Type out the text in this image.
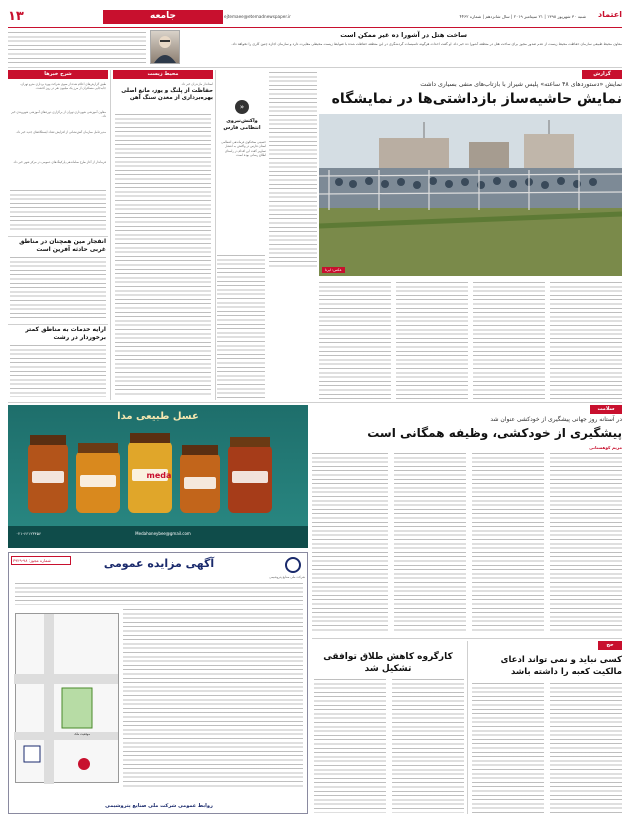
۱۳	جامعه	ejtemaee@etemadnewspaper.ir	شنبه ۳۰ شهریور ۱۳۹۸ | ۲۱ سپتامبر ۲۰۱۹ | سال شانزدهم | شماره ۴۴۶۲	اعتماد
ساخت هتل در آشورا ده غیر ممکن است
معاون محیط طبیعی سازمان حفاظت محیط زیست از عدم صدور مجوز برای ساخت هتل در منطقه آشورا ده خبر داد. او گفت احداث هرگونه تاسیسات گردشگری در این منطقه حفاظت شده با ضوابط زیست محیطی مغایرت دارد و سازمان اجازه چنین کاری را نخواهد داد.
شرح خبرها
طبق گزارش‌های اعلام شده از سوی شرکت بهره برداری مترو تهران، جابه‌جایی مسافران از مرز یک میلیون نفر در روز گذشت.
معاون آموزشی شهرداری تهران از برگزاری دوره‌های آموزشی شهروندی خبر داد.
مدیرعامل سازمان آتش‌نشانی از افزایش تعداد ایستگاه‌های جدید خبر داد.
فرماندار از آغاز طرح ساماندهی پارکینگ‌های عمومی در مرکز شهر خبر داد.
انفجار مین همچنان در مناطق غربی حادثه آفرین است
ارایه خدمات به مناطق کمتر برخوردار در رشت
محیط زیست
استاندار مازندران خبر داد
حفاظت از پلنگ و یوز، مانع اصلی بهره‌برداری از معدن سنگ آهن
«
واکنش‌نیروی انتظامی فارس
حسینی سخنگوی فرماندهی انتظامی استان فارس در واکنش به انتشار تصاویر گفت این اقدام در راستای اطلاع رسانی بوده است.
گزارش
نمایش «دستوردهای ۴۸ ساعته» پلیس شیراز با بازتاب‌های منفی بسیاری داشت
نمایش حاشیه‌ساز بازداشتی‌ها در نمایشگاه
عکس: ایرنا
عسل طبیعی مدا
meda
Medahoneybee@gmail.com
۰۲۱-۶۶۱۲۳۴۵۶
شماره مجوز: ۹۸-۳۹۲۹	آگهی مزایده عمومی
شرکت ملی صنایع پتروشیمی
موقعیت ملک
روابط عمومی شرکت ملی صنایع پتروشیمی
سلامت
در آستانه روز جهانی پیشگیری از خودکشی عنوان شد
پیشگیری از خودکشی، وظیفه همگانی است
مریم کوهستانی
کارگروه کاهش طلاق توافقی تشکیل شد
حج
کسی نباید و نمی تواند ادعای مالکیت کعبه را داشته باشد
